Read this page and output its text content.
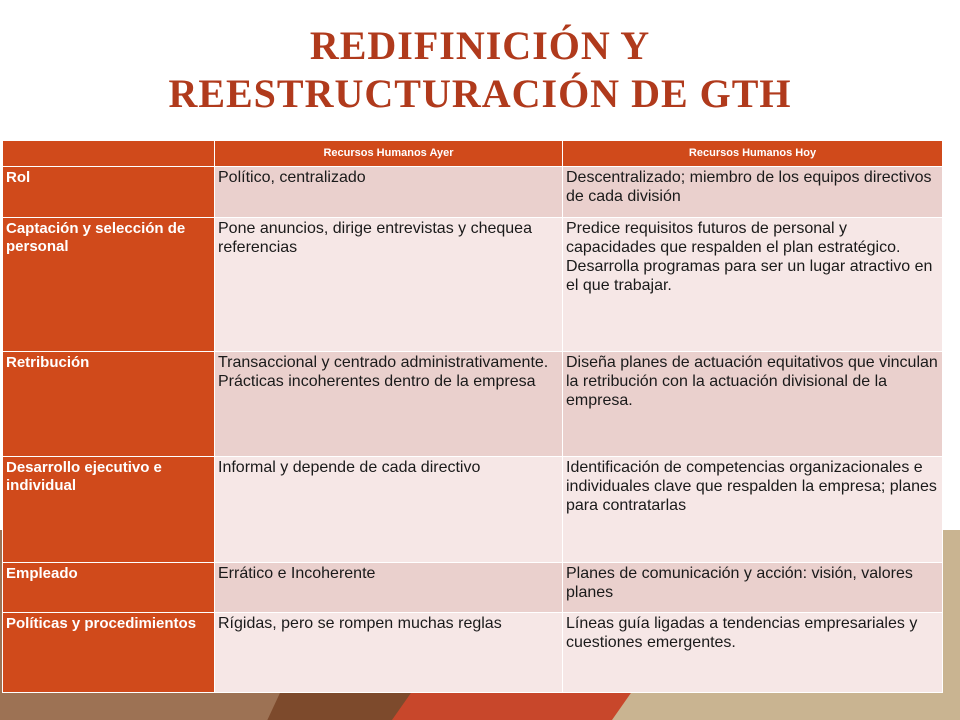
REDIFINICIÓN Y
REESTRUCTURACIÓN DE GTH
	Recursos Humanos Ayer	Recursos Humanos Hoy
Rol	Político, centralizado	Descentralizado; miembro de los equipos directivos de cada división
Captación y selección de personal	Pone anuncios, dirige entrevistas y chequea referencias	Predice requisitos futuros de personal y capacidades que respalden el plan estratégico. Desarrolla programas para ser un lugar atractivo en el que trabajar.
Retribución	Transaccional y centrado administrativamente. Prácticas incoherentes dentro de la empresa	Diseña planes de actuación equitativos que vinculan la retribución con la actuación divisional de la empresa.
Desarrollo ejecutivo e individual	Informal y depende de cada directivo	Identificación de competencias organizacionales e individuales clave que respalden la empresa; planes para contratarlas
Empleado	Errático e Incoherente	Planes de comunicación y acción: visión, valores planes
Políticas y procedimientos	Rígidas, pero se rompen muchas reglas	Líneas guía ligadas a tendencias empresariales y cuestiones emergentes.
